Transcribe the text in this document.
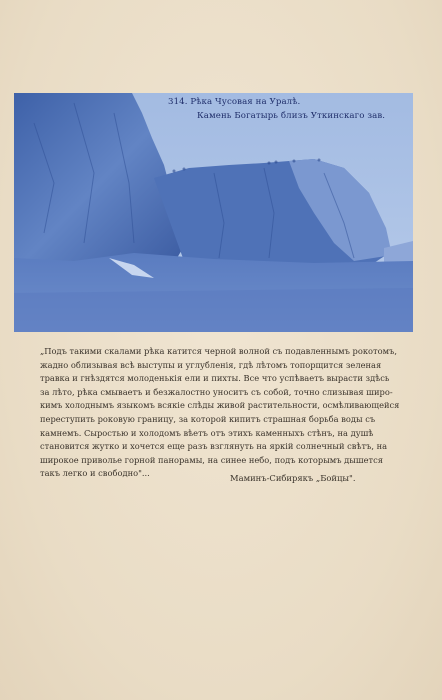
314. Рѣка Чусовая на Уралѣ.
Камень Богатырь близъ Уткинскаго зав.
„Подъ такими скалами рѣка катится черной волной съ подавленнымъ рокотомъ,
жадно облизывая всѣ выступы и углубленія, гдѣ лѣтомъ топорщится зеленая
травка и гнѣздятся молоденькія ели и пихты. Все что успѣваетъ вырасти здѣсь
за лѣто, рѣка смываетъ и безжалостно уноситъ съ собой, точно слизывая широ-
кимъ холоднымъ языкомъ всякіе слѣды живой растительности, осмѣливающейся
переступить роковую границу, за которой кипитъ страшная борьба воды съ
камнемъ. Сыростью и холодомъ вѣетъ отъ этихъ каменныхъ стѣнъ, на душѣ
становится жутко и хочется еще разъ взглянуть на яркій солнечный свѣтъ, на
широкое приволье горной панорамы, на синее небо, подъ которымъ дышется
такъ легко и свободно"...	Маминъ-Сибирякъ „Бойцы".
